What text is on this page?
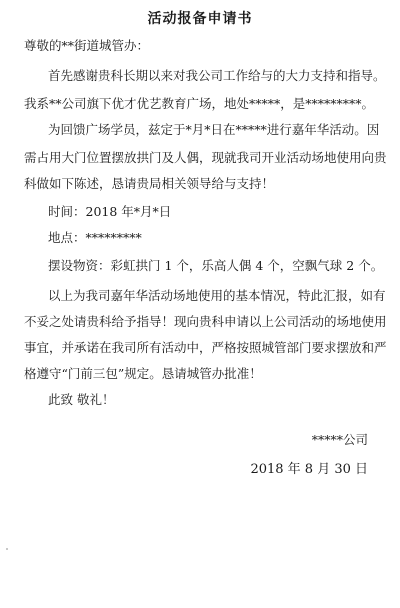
活动报备申请书
尊敬的**街道城管办：
首先感谢贵科长期以来对我公司工作给与的大力支持和指导。
我系**公司旗下优才优艺教育广场，地处*****，是*********。
为回馈广场学员，兹定于*月*日在*****进行嘉年华活动。因
需占用大门位置摆放拱门及人偶，现就我司开业活动场地使用向贵
科做如下陈述，恳请贵局相关领导给与支持！
时间：2018 年*月*日
地点：*********
摆设物资：彩虹拱门 1 个，乐高人偶 4 个，空飘气球 2 个。
以上为我司嘉年华活动场地使用的基本情况，特此汇报，如有
不妥之处请贵科给予指导！现向贵科申请以上公司活动的场地使用
事宜，并承诺在我司所有活动中，严格按照城管部门要求摆放和严
格遵守“门前三包”规定。恳请城管办批准！
此致 敬礼！
*****公司
2018 年 8 月 30 日
